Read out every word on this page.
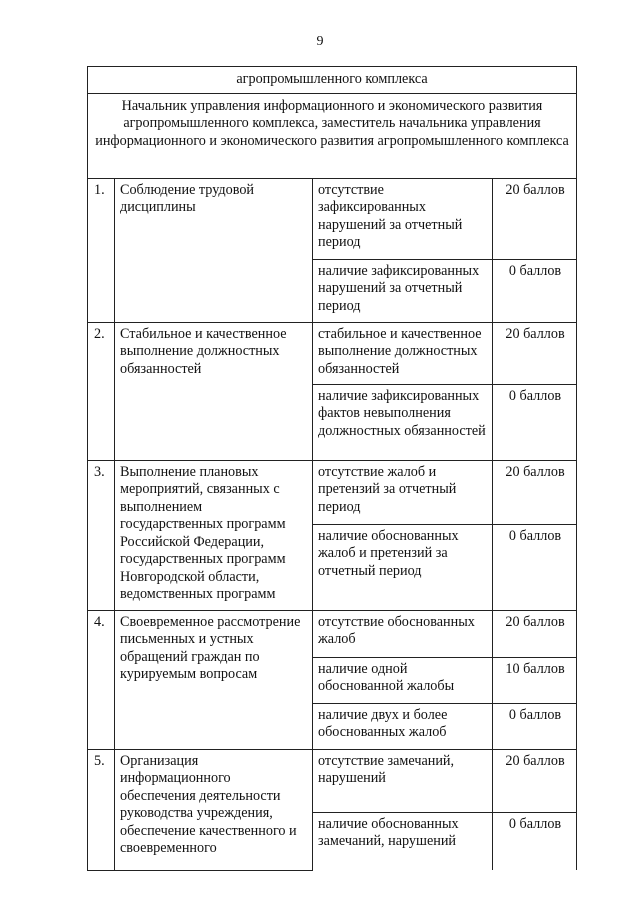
9
агропромышленного комплекса			
Начальник управления информационного и экономического развития агропромышленного комплекса, заместитель начальника управления информационного и экономического развития агропромышленного комплекса			
1.	Соблюдение трудовой дисциплины	отсутствие зафиксированных нарушений за отчетный период	20 баллов
		наличие зафиксированных нарушений за отчетный период	0 баллов
2.	Стабильное и качественное выполнение должностных обязанностей	стабильное и качественное выполнение должностных обязанностей	20 баллов
		наличие зафиксированных фактов невыполнения должностных обязанностей	0 баллов
3.	Выполнение плановых мероприятий, связанных с выполнением государственных программ Российской Федерации, государственных программ Новгородской области, ведомственных программ	отсутствие жалоб и претензий за отчетный период	20 баллов
		наличие обоснованных жалоб и претензий за отчетный период	0 баллов
4.	Своевременное рассмотрение письменных и устных обращений граждан по курируемым вопросам	отсутствие обоснованных жалоб	20 баллов
		наличие одной обоснованной жалобы	10 баллов
		наличие двух и более обоснованных жалоб	0 баллов
5.	Организация информационного обеспечения деятельности руководства учреждения, обеспечение качественного и своевременного	отсутствие замечаний, нарушений	20 баллов
		наличие обоснованных замечаний, нарушений	0 баллов
